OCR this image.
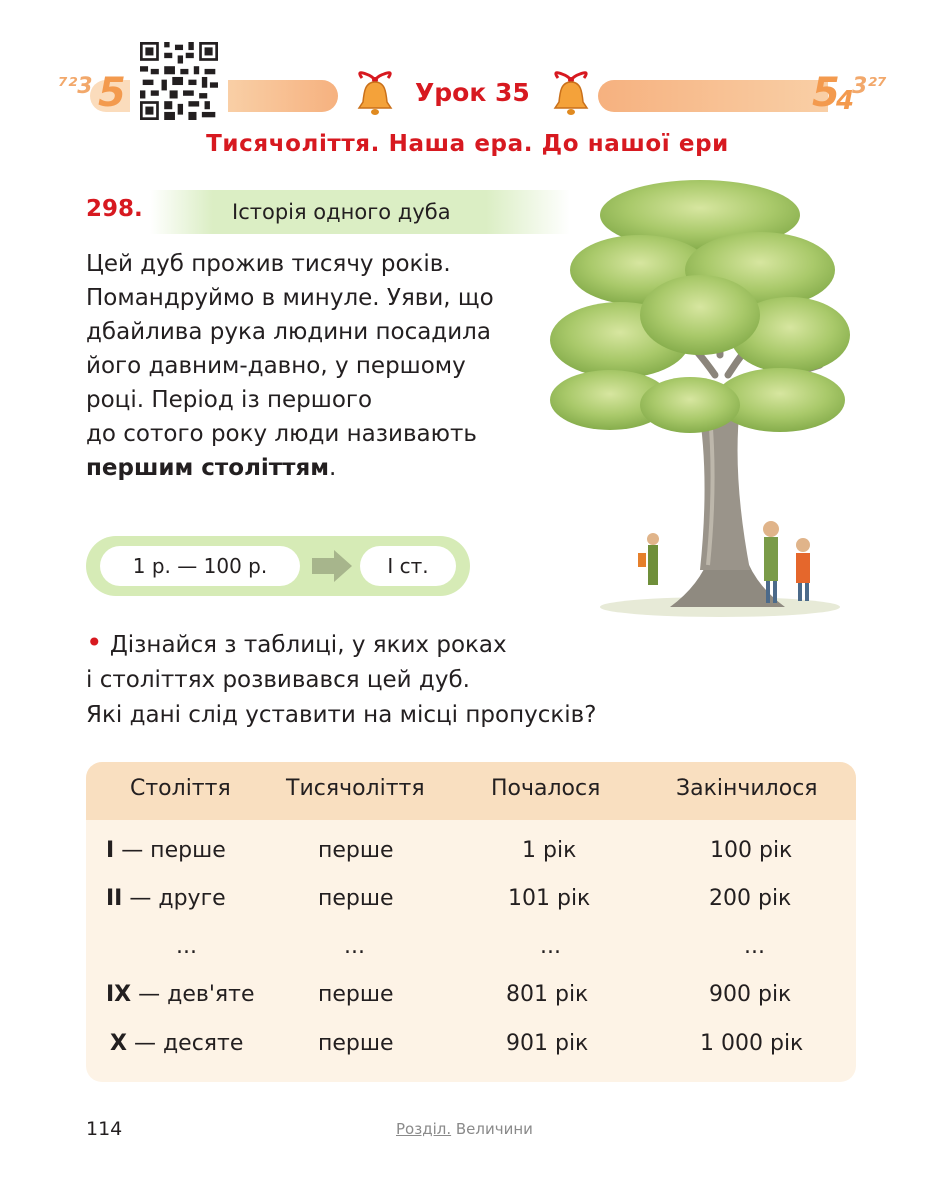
⁷²3 5	5
4
3²⁷
Урок 35
Тисячоліття. Наша ера. До нашої ери
298.	Історія одного дуба
Цей дуб прожив тисячу років.
Помандруймо в минуле. Уяви, що
дбайлива рука людини посадила
його давним-давно, у першому
році. Період із першого
до сотого року люди називають
першим століттям.
1 р. — 100 р.	I ст.
• Дізнайся з таблиці, у яких роках
і століттях розвивався цей дуб.
Які дані слід уставити на місці пропусків?
Століття	Тисячоліття	Почалося	Закінчилося
I — перше	перше	1 рік	100 рік
II — друге	перше	101 рік	200 рік
...	...	...	...
IX — дев'яте	перше	801 рік	900 рік
X — десяте	перше	901 рік	1 000 рік
114	Розділ. Величини
